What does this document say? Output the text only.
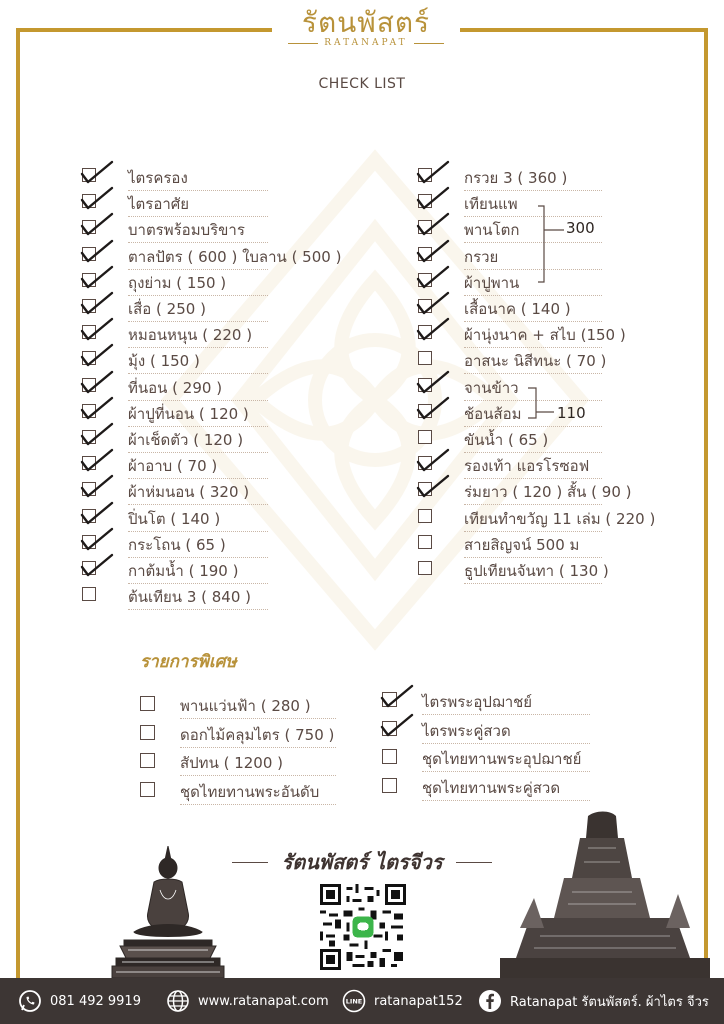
รัตนพัสตร์
RATANAPAT
CHECK LIST
ไตรครอง
ไตรอาศัย
บาตรพร้อมบริขาร
ตาลปัตร ( 600 ) ใบลาน ( 500 )
ถุงย่าม ( 150 )
เสื่อ ( 250 )
หมอนหนุน ( 220 )
มุ้ง ( 150 )
ที่นอน ( 290 )
ผ้าปูที่นอน ( 120 )
ผ้าเช็ดตัว ( 120 )
ผ้าอาบ ( 70 )
ผ้าห่มนอน ( 320 )
ปิ่นโต ( 140 )
กระโถน ( 65 )
กาต้มน้ำ ( 190 )
ต้นเทียน 3 ( 840 )
กรวย 3 ( 360 )
เทียนแพ
พานโตก
กรวย
ผ้าปูพาน
เสื้อนาค ( 140 )
ผ้านุ่งนาค + สไบ (150 )
อาสนะ นิสีทนะ ( 70 )
จานข้าว
ช้อนส้อม
ขันน้ำ ( 65 )
รองเท้า แอรโรซอฟ
ร่มยาว ( 120 ) สั้น ( 90 )
เทียนทำขวัญ 11 เล่ม ( 220 )
สายสิญจน์ 500 ม
ธูปเทียนจันทา ( 130 )
300
110
รายการพิเศษ
พานแว่นฟ้า ( 280 )
ดอกไม้คลุมไตร ( 750 )
สัปทน ( 1200 )
ชุดไทยทานพระอันดับ
ไตรพระอุปฌาชย์
ไตรพระคู่สวด
ชุดไทยทานพระอุปฌาชย์
ชุดไทยทานพระคู่สวด
รัตนพัสตร์ ไตรจีวร
081 492 9919	www.ratanapat.com	LINE ratanapat152	Ratanapat รัตนพัสตร์. ผ้าไตร จีวร
